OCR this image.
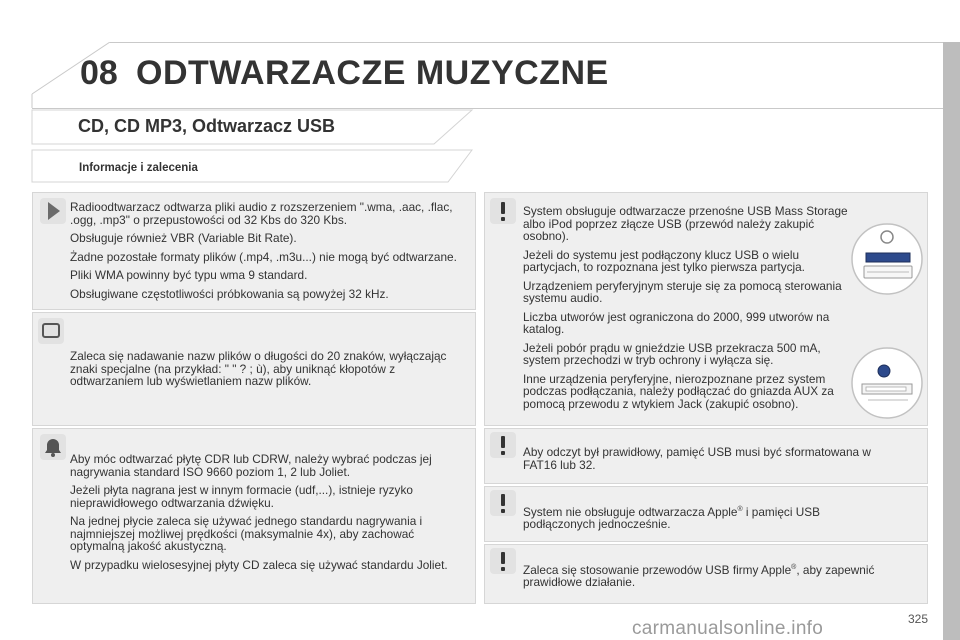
08 ODTWARZACZE MUZYCZNE
CD, CD MP3, Odtwarzacz USB
Informacje i zalecenia

Radioodtwarzacz odtwarza pliki audio z rozszerzeniem ".wma, .aac, .flac, .ogg, .mp3" o przepustowości od 32 Kbs do 320 Kbs.

Obsługuje również VBR (Variable Bit Rate).

Żadne pozostałe formaty plików (.mp4, .m3u...) nie mogą być odtwarzane.

Pliki WMA powinny być typu wma 9 standard.

Obsługiwane częstotliwości próbkowania są powyżej 32 kHz.

Zaleca się nadawanie nazw plików o długości do 20 znaków, wyłączając znaki specjalne (na przykład: " " ? ; ù), aby uniknąć kłopotów z odtwarzaniem lub wyświetlaniem nazw plików.

Aby móc odtwarzać płytę CDR lub CDRW, należy wybrać podczas jej nagrywania standard ISO 9660 poziom 1, 2 lub Joliet.

Jeżeli płyta nagrana jest w innym formacie (udf,...), istnieje ryzyko nieprawidłowego odtwarzania dźwięku.

Na jednej płycie zaleca się używać jednego standardu nagrywania i najmniejszej możliwej prędkości (maksymalnie 4x), aby zachować optymalną jakość akustyczną.

W przypadku wielosesyjnej płyty CD zaleca się używać standardu Joliet.

System obsługuje odtwarzacze przenośne USB Mass Storage albo iPod poprzez złącze USB (przewód należy zakupić osobno).

Jeżeli do systemu jest podłączony klucz USB o wielu partycjach, to rozpoznana jest tylko pierwsza partycja.

Urządzeniem peryferyjnym steruje się za pomocą sterowania systemu audio.

Liczba utworów jest ograniczona do 2000, 999 utworów na katalog.

Jeżeli pobór prądu w gnieździe USB przekracza 500 mA, system przechodzi w tryb ochrony i wyłącza się.

Inne urządzenia peryferyjne, nierozpoznane przez system podczas podłączania, należy podłączać do gniazda AUX za pomocą przewodu z wtykiem Jack (zakupić osobno).

Aby odczyt był prawidłowy, pamięć USB musi być sformatowana w FAT16 lub 32.

System nie obsługuje odtwarzacza Apple® i pamięci USB podłączonych jednocześnie.

Zaleca się stosowanie przewodów USB firmy Apple®, aby zapewnić prawidłowe działanie.

325
carmanualsonline.info
